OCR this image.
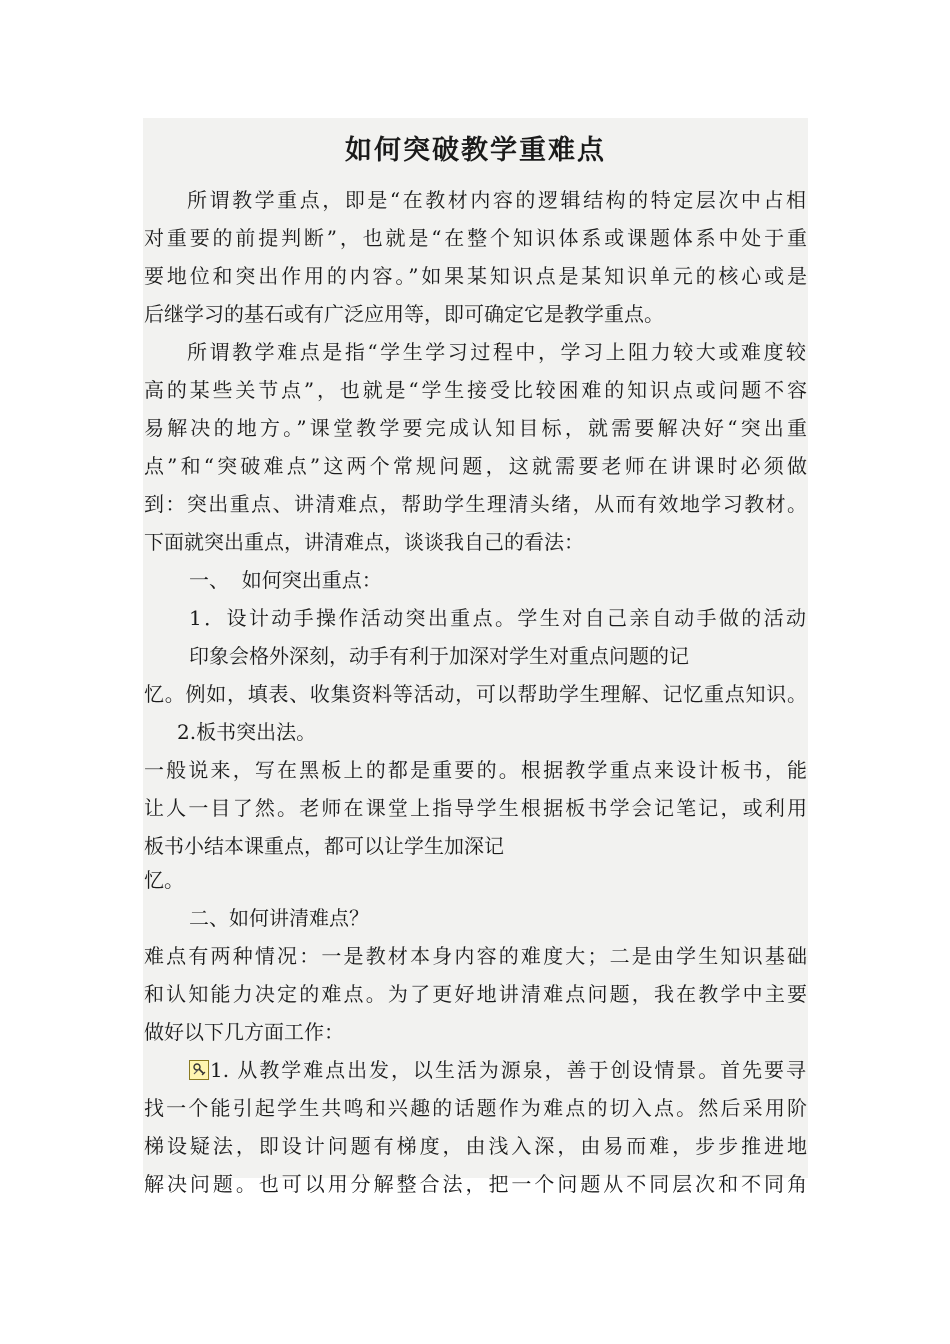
如何突破教学重难点

所谓教学重点，即是“在教材内容的逻辑结构的特定层次中占相

对重要的前提判断”，也就是“在整个知识体系或课题体系中处于重

要地位和突出作用的内容。”如果某知识点是某知识单元的核心或是

后继学习的基石或有广泛应用等，即可确定它是教学重点。

所谓教学难点是指“学生学习过程中，学习上阻力较大或难度较

高的某些关节点”，也就是“学生接受比较困难的知识点或问题不容

易解决的地方。”课堂教学要完成认知目标，就需要解决好“突出重

点”和“突破难点”这两个常规问题，这就需要老师在讲课时必须做

到：突出重点、讲清难点，帮助学生理清头绪，从而有效地学习教材。

下面就突出重点，讲清难点，谈谈我自己的看法：

一、  如何突出重点：

1．设计动手操作活动突出重点。学生对自己亲自动手做的活动

印象会格外深刻，动手有利于加深对学生对重点问题的记

忆。例如，填表、收集资料等活动，可以帮助学生理解、记忆重点知识。

2.板书突出法。

一般说来，写在黑板上的都是重要的。根据教学重点来设计板书，能

让人一目了然。老师在课堂上指导学生根据板书学会记笔记，或利用

板书小结本课重点，都可以让学生加深记

忆。

二、如何讲清难点？

难点有两种情况：一是教材本身内容的难度大；二是由学生知识基础

和认知能力决定的难点。为了更好地讲清难点问题，我在教学中主要

做好以下几方面工作：

1. 从教学难点出发，以生活为源泉，善于创设情景。首先要寻

找一个能引起学生共鸣和兴趣的话题作为难点的切入点。然后采用阶

梯设疑法，即设计问题有梯度，由浅入深，由易而难，步步推进地

解决问题。也可以用分解整合法，把一个问题从不同层次和不同角
